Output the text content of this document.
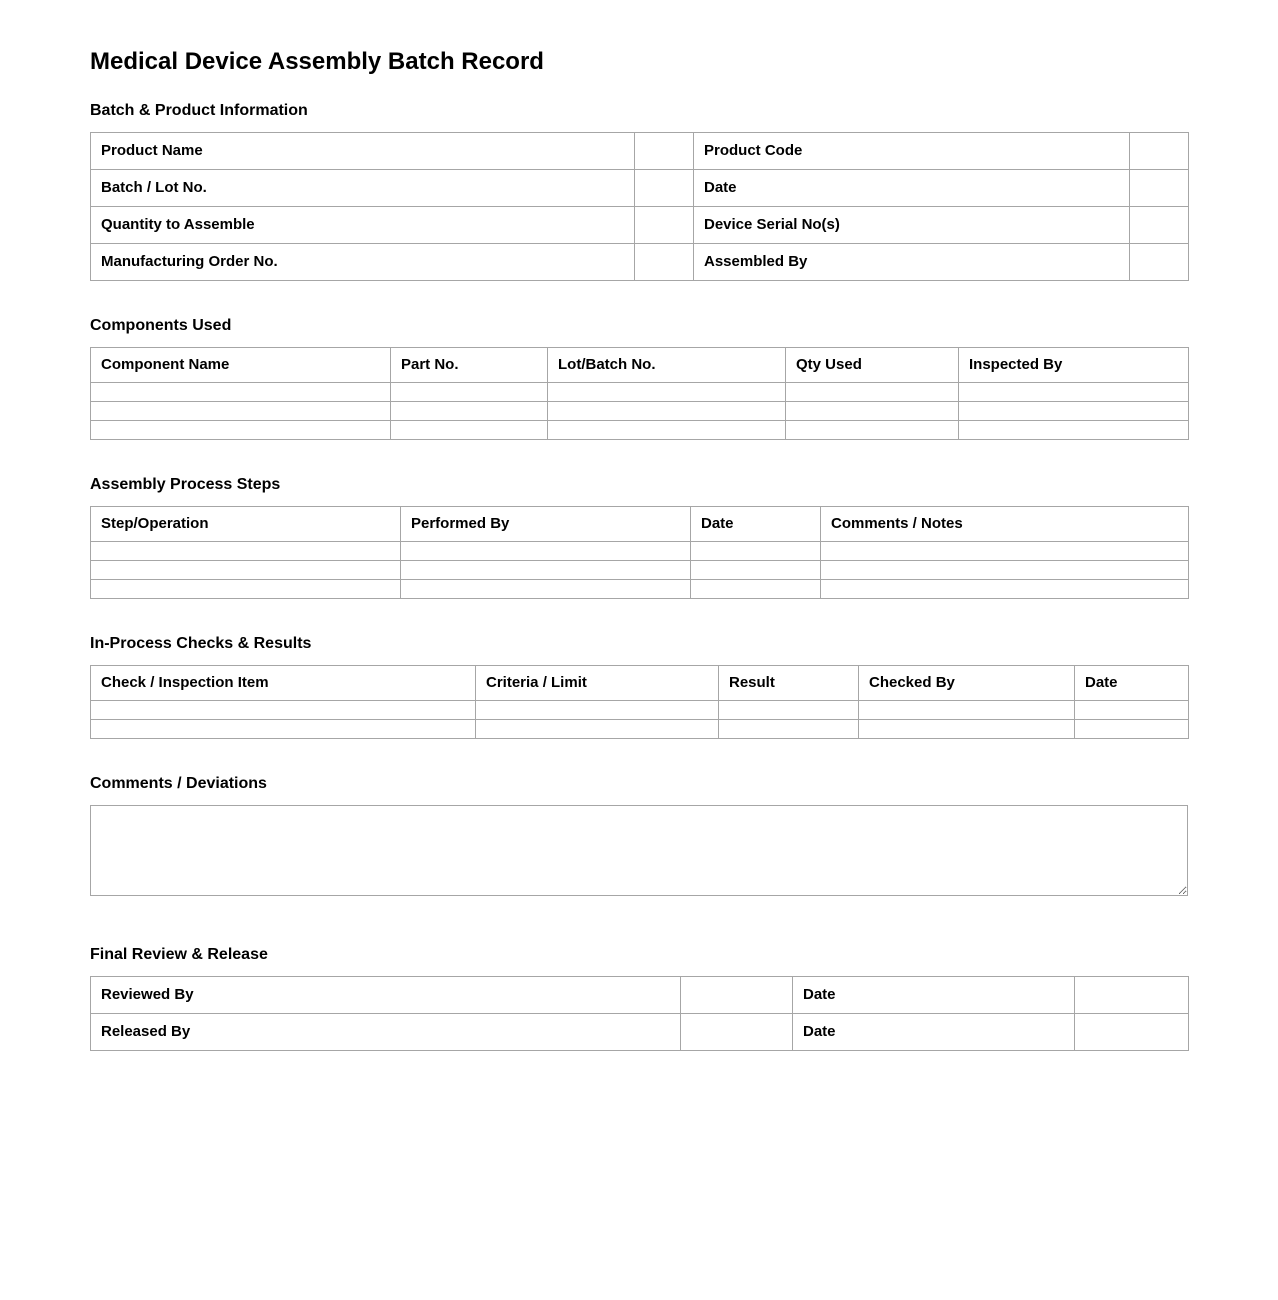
Medical Device Assembly Batch Record
Batch & Product Information
Product Name		Product Code	
Batch / Lot No.		Date	
Quantity to Assemble		Device Serial No(s)	
Manufacturing Order No.		Assembled By	
Components Used
Component Name	Part No.	Lot/Batch No.	Qty Used	Inspected By

Assembly Process Steps
Step/Operation	Performed By	Date	Comments / Notes

In-Process Checks & Results
Check / Inspection Item	Criteria / Limit	Result	Checked By	Date

Comments / Deviations
Final Review & Release
Reviewed By		Date	
Released By		Date	
